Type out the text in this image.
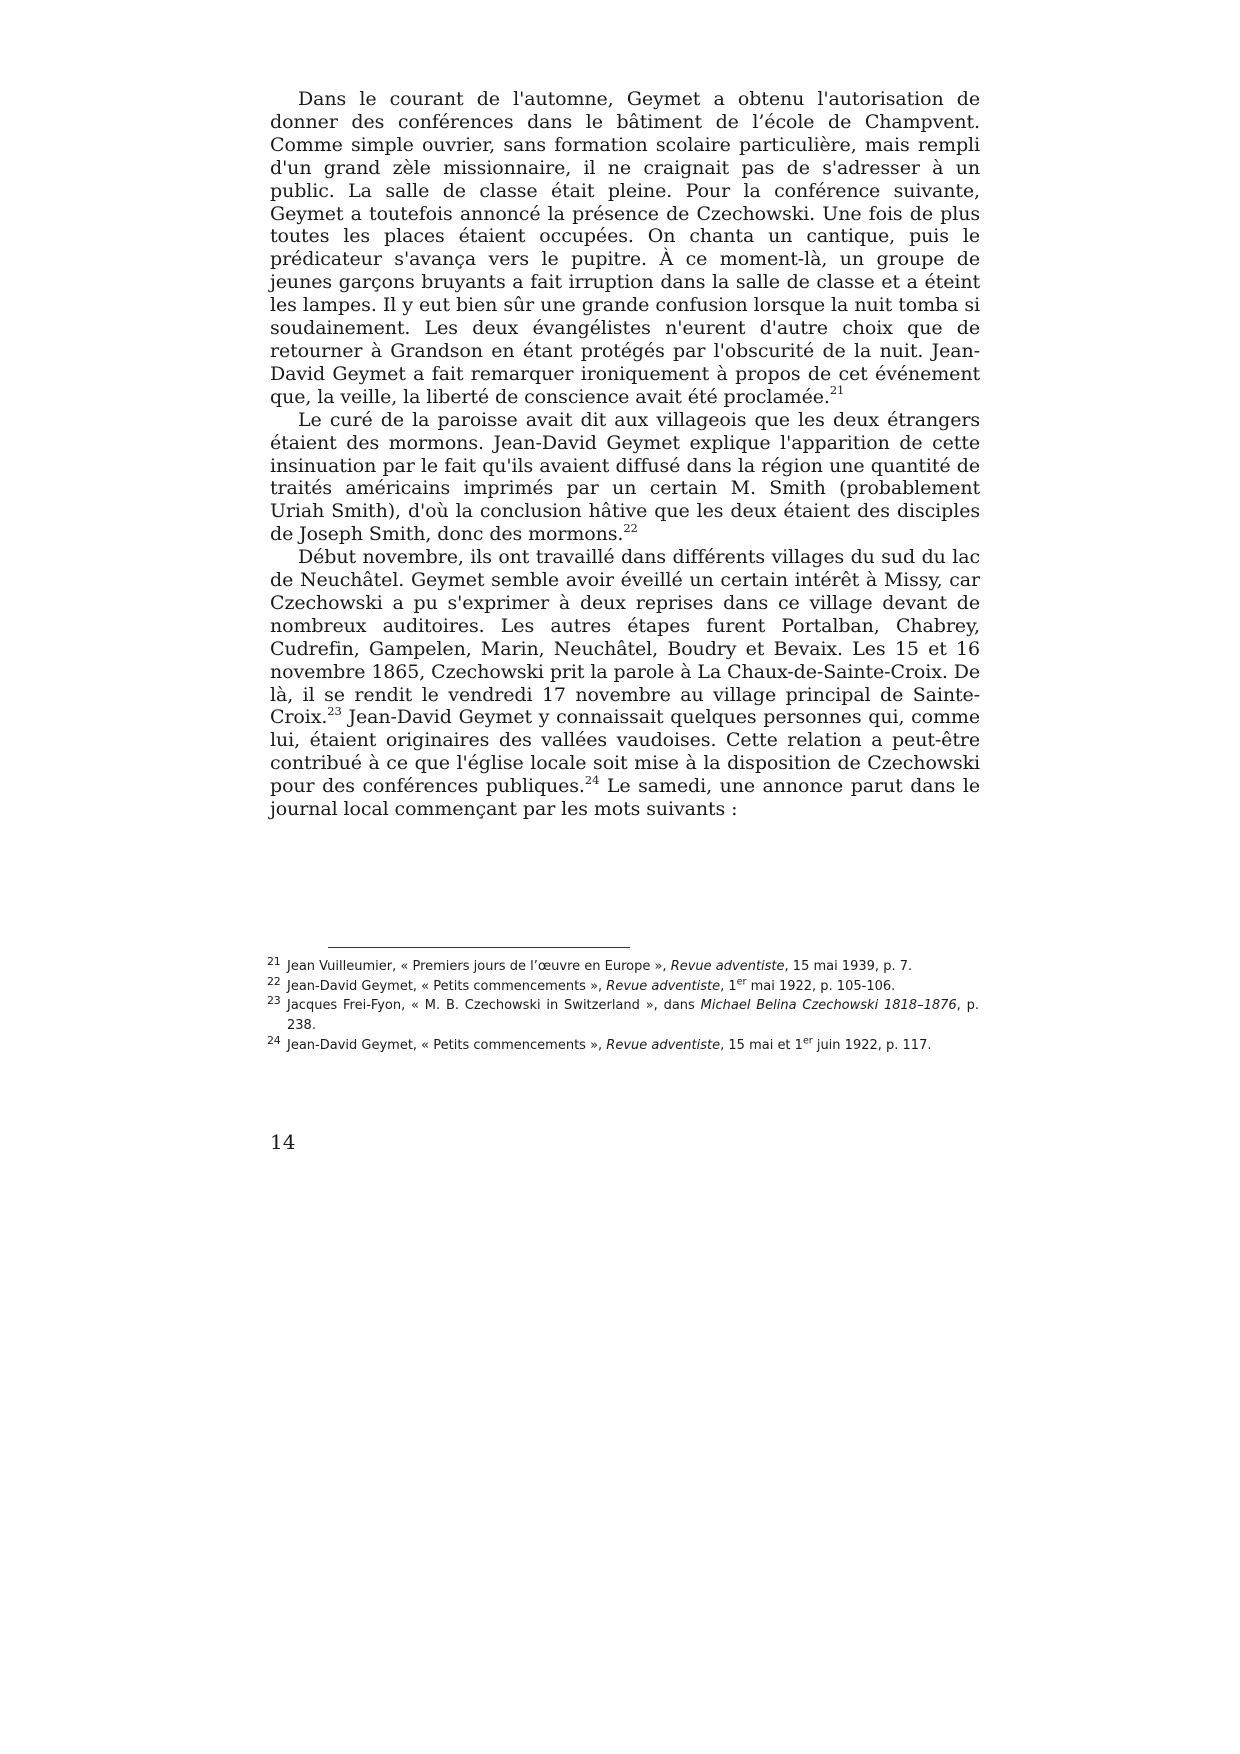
Dans le courant de l'automne, Geymet a obtenu l'autorisation de donner des conférences dans le bâtiment de l’école de Champvent. Comme simple ouvrier, sans formation scolaire particulière, mais rempli d'un grand zèle missionnaire, il ne craignait pas de s'adresser à un public. La salle de classe était pleine. Pour la conférence suivante, Geymet a toutefois annoncé la présence de Czechowski. Une fois de plus toutes les places étaient occupées. On chanta un cantique, puis le prédicateur s'avança vers le pupitre. À ce moment-là, un groupe de jeunes garçons bruyants a fait irruption dans la salle de classe et a éteint les lampes. Il y eut bien sûr une grande confusion lorsque la nuit tomba si soudainement. Les deux évangélistes n'eurent d'autre choix que de retourner à Grandson en étant protégés par l'obscurité de la nuit. Jean-David Geymet a fait remarquer ironiquement à propos de cet événement que, la veille, la liberté de conscience avait été proclamée.$^{21}$

Le curé de la paroisse avait dit aux villageois que les deux étrangers étaient des mormons. Jean-David Geymet explique l'apparition de cette insinuation par le fait qu'ils avaient diffusé dans la région une quantité de traités américains imprimés par un certain M. Smith (probablement Uriah Smith), d'où la conclusion hâtive que les deux étaient des disciples de Joseph Smith, donc des mormons.$^{22}$

Début novembre, ils ont travaillé dans différents villages du sud du lac de Neuchâtel. Geymet semble avoir éveillé un certain intérêt à Missy, car Czechowski a pu s'exprimer à deux reprises dans ce village devant de nombreux auditoires. Les autres étapes furent Portalban, Chabrey, Cudrefin, Gampelen, Marin, Neuchâtel, Boudry et Bevaix. Les 15 et 16 novembre 1865, Czechowski prit la parole à La Chaux-de-Sainte-Croix. De là, il se rendit le vendredi 17 novembre au village principal de Sainte-Croix.$^{23}$ Jean-David Geymet y connaissait quelques personnes qui, comme lui, étaient originaires des vallées vaudoises. Cette relation a peut-être contribué à ce que l'église locale soit mise à la disposition de Czechowski pour des conférences publiques.$^{24}$ Le samedi, une annonce parut dans le journal local commençant par les mots suivants :

21 Jean Vuilleumier, « Premiers jours de l’œuvre en Europe », Revue adventiste, 15 mai 1939, p. 7.
22 Jean-David Geymet, « Petits commencements », Revue adventiste, 1er mai 1922, p. 105-106.
23 Jacques Frei-Fyon, « M. B. Czechowski in Switzerland », dans Michael Belina Czechowski 1818–1876, p. 238.
24 Jean-David Geymet, « Petits commencements », Revue adventiste, 15 mai et 1er juin 1922, p. 117.
14
